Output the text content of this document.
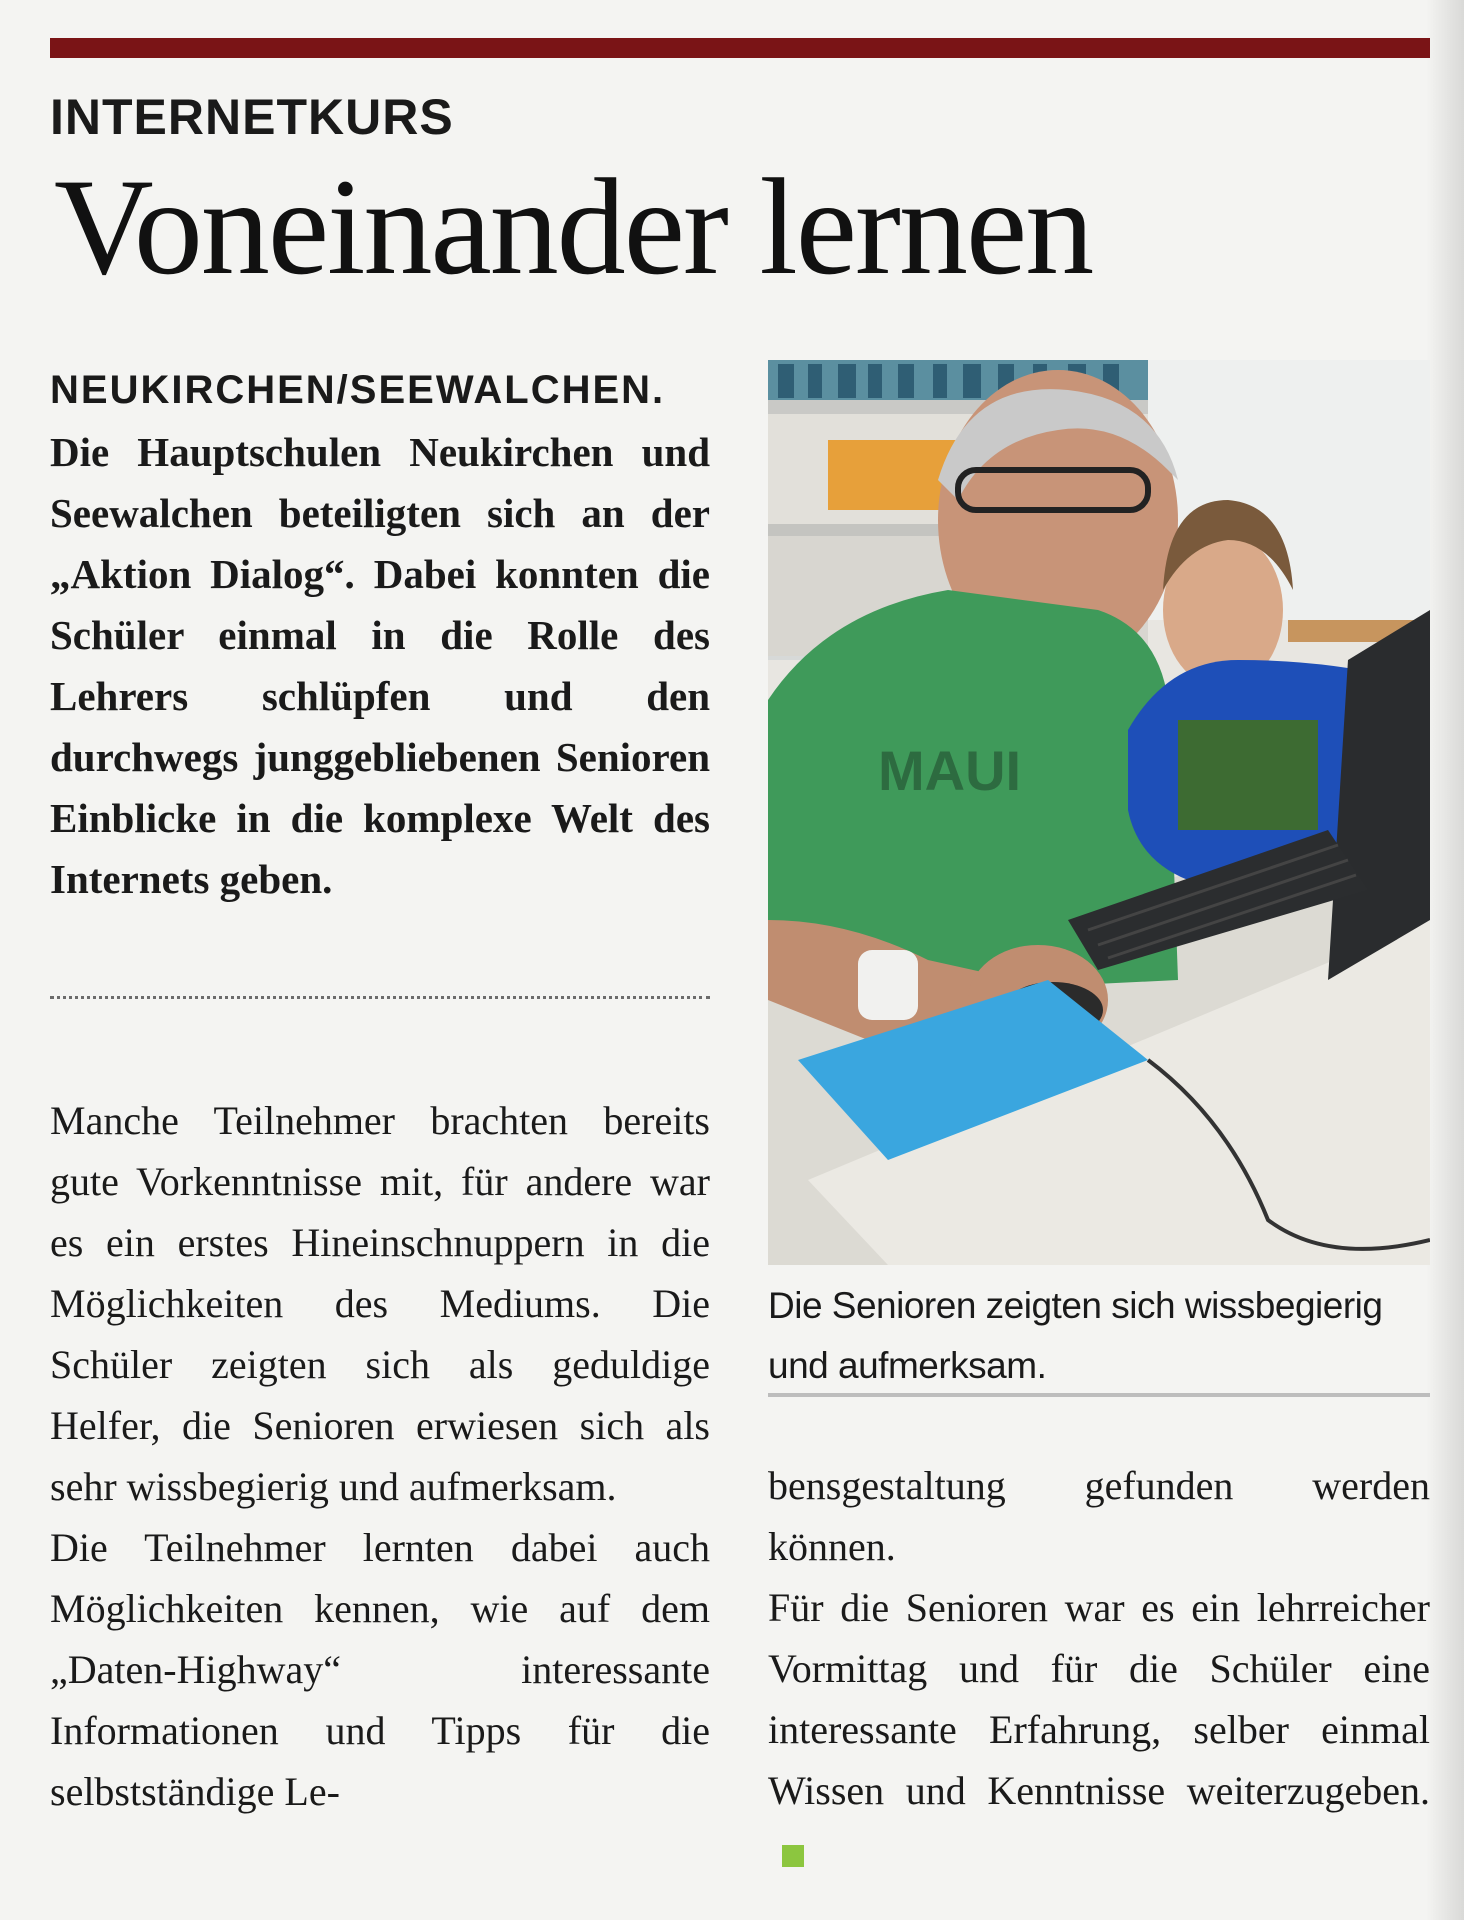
INTERNETKURS
Voneinander lernen
NEUKIRCHEN/SEEWALCHEN.

Die Hauptschulen Neukirchen und Seewalchen beteiligten sich an der „Aktion Dialog“. Dabei konnten die Schüler einmal in die Rolle des Lehrers schlüpfen und den durchwegs junggebliebenen Senioren Einblicke in die komplexe Welt des Internets geben.

Manche Teilnehmer brachten bereits gute Vorkenntnisse mit, für andere war es ein erstes Hineinschnuppern in die Möglichkeiten des Mediums. Die Schüler zeigten sich als geduldige Helfer, die Senioren erwiesen sich als sehr wissbegierig und aufmerksam.

Die Teilnehmer lernten dabei auch Möglichkeiten kennen, wie auf dem „Daten-Highway“ interessante Informationen und Tipps für die selbstständige Le-

MAUI
Die Senioren zeigten sich wissbegierig und aufmerksam.

bensgestaltung gefunden werden können.

Für die Senioren war es ein lehrreicher Vormittag und für die Schüler eine interessante Erfahrung, selber einmal Wissen und Kenntnisse weiterzugeben.
